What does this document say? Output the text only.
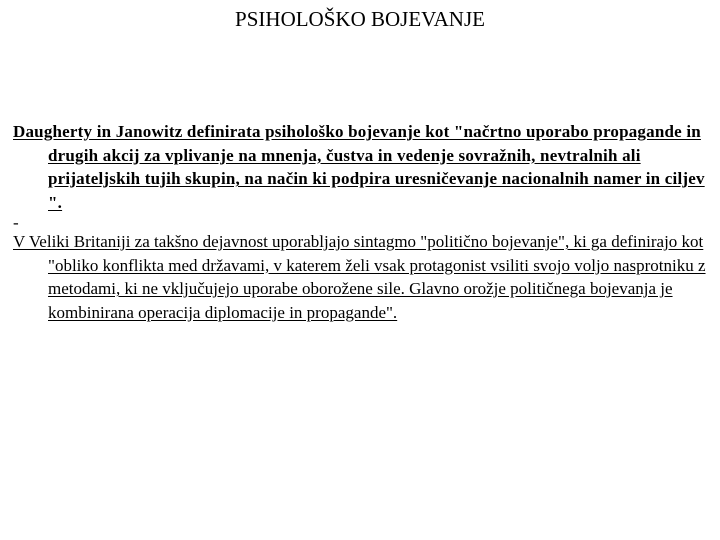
PSIHOLOŠKO BOJEVANJE

Daugherty in Janowitz definirata psihološko bojevanje kot "načrtno uporabo propagande in drugih akcij za vplivanje na mnenja, čustva in vedenje sovražnih, nevtralnih ali prijateljskih tujih skupin, na način ki podpira uresničevanje nacionalnih namer in ciljev ".

-

V Veliki Britaniji za takšno dejavnost uporabljajo sintagmo "politično bojevanje", ki ga definirajo kot "obliko konflikta med državami, v katerem želi vsak protagonist vsiliti svojo voljo nasprotniku z metodami, ki ne vključujejo uporabe oborožene sile. Glavno orožje političnega bojevanja je kombinirana operacija diplomacije in propagande".
